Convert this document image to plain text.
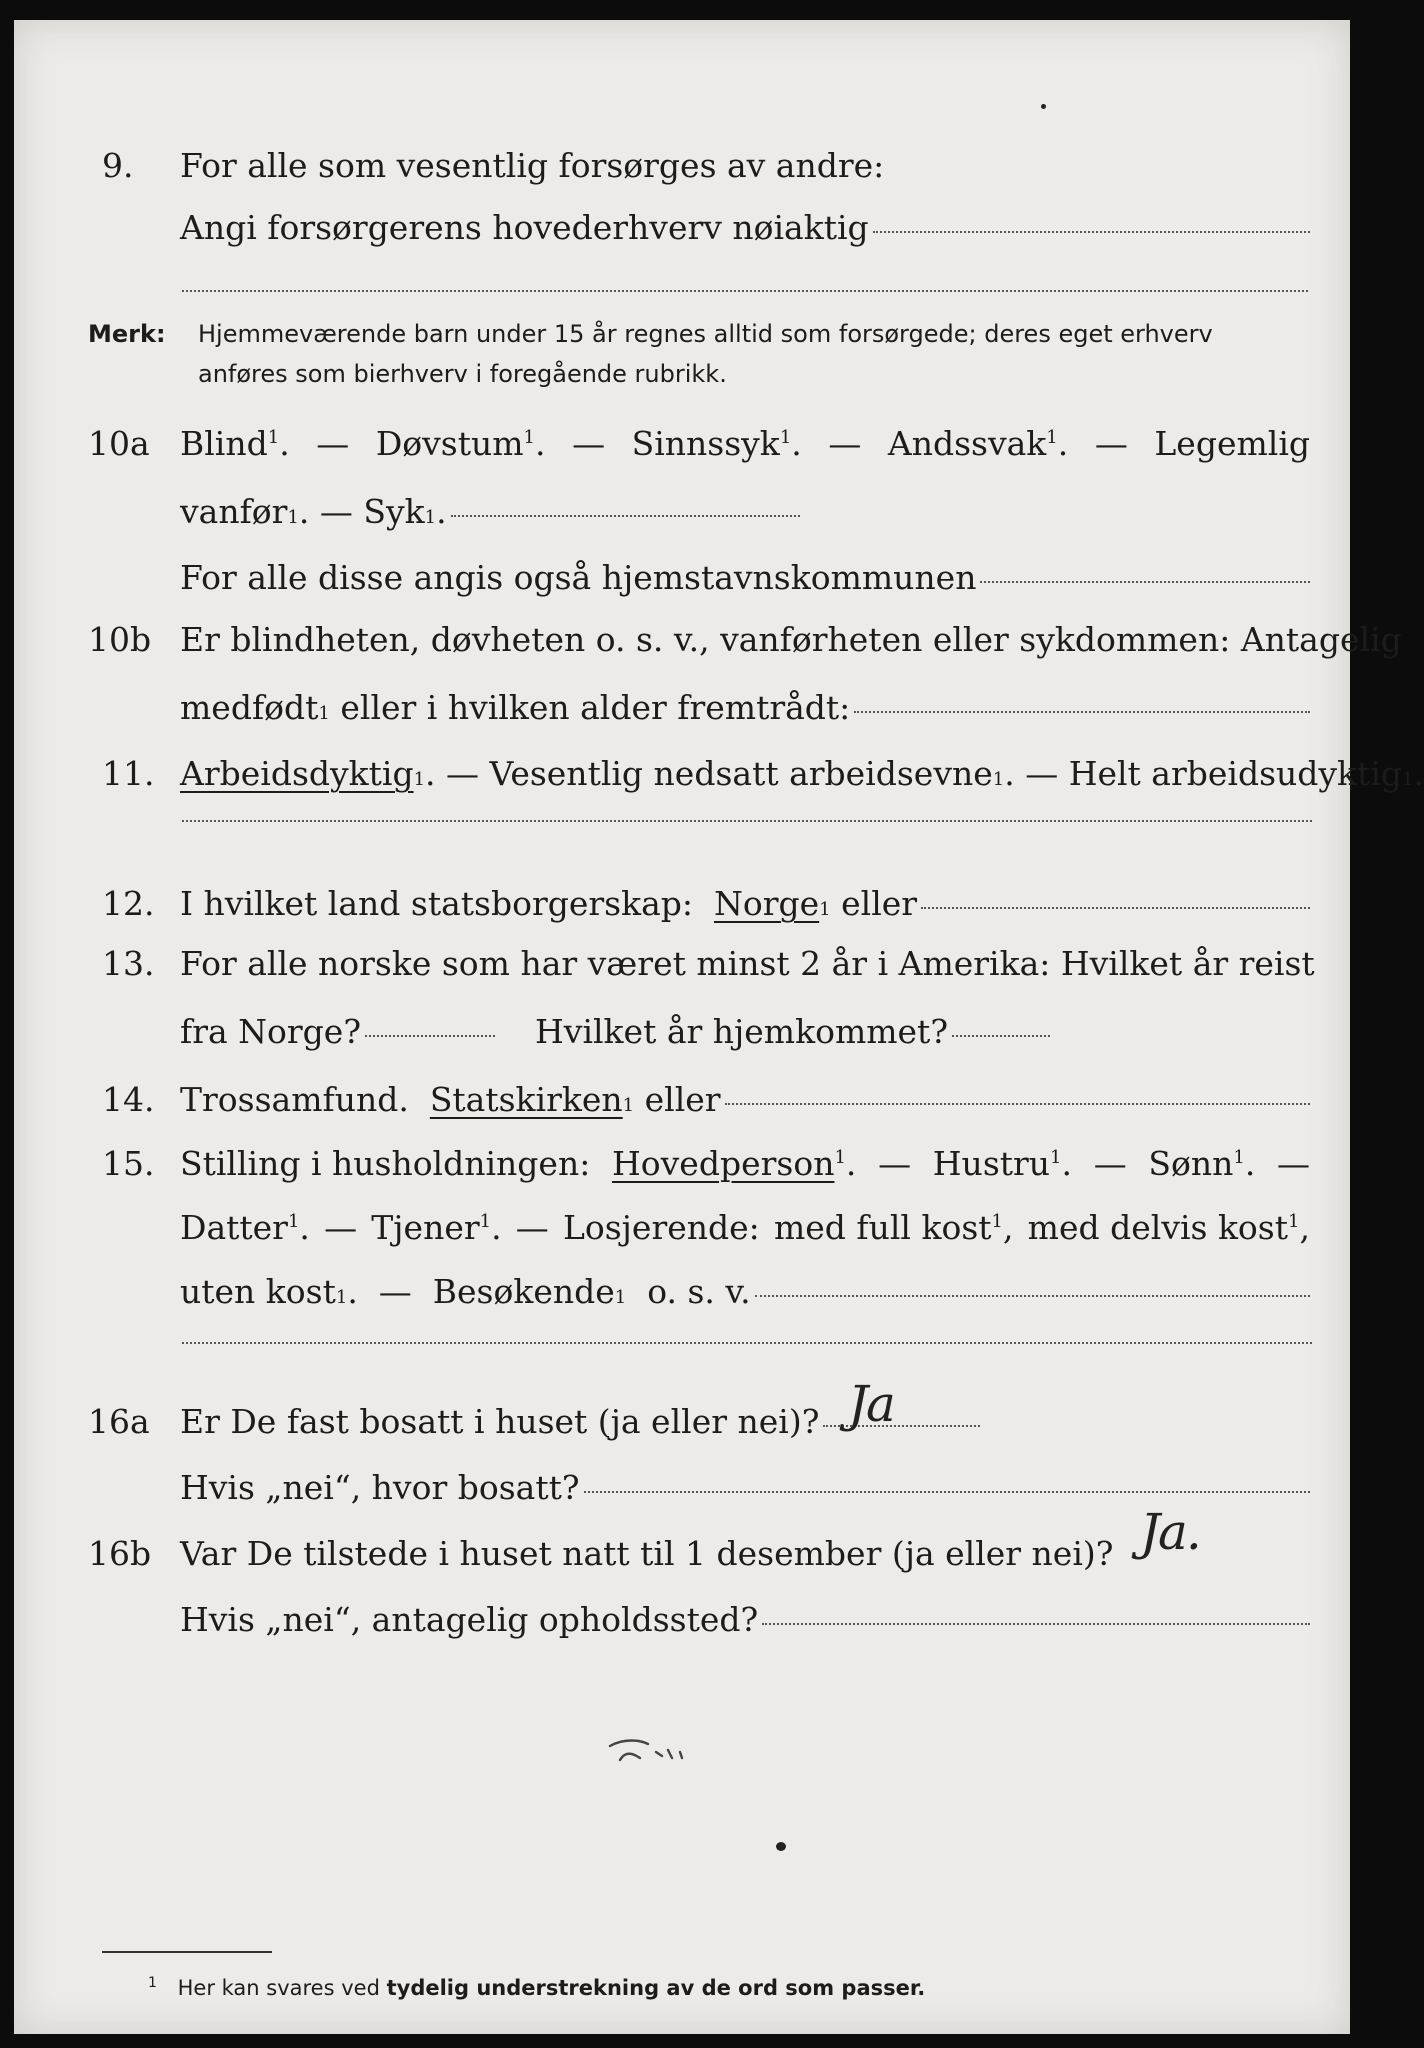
9. For alle som vesentlig forsørges av andre:
Angi forsørgerens hovederhverv nøiaktig
Merk: Hjemmeværende barn under 15 år regnes alltid som forsørgede; deres eget erhverv
anføres som bierhverv i foregående rubrikk.
10a Blind$^1$. — Døvstum$^1$. — Sinnssyk$^1$. — Andssvak$^1$. — Legemlig
vanfør 1 . —
Syk 1 .
For alle disse angis også hjemstavnskommunen
10b Er blindheten, døvheten o. s. v., vanførheten eller sykdommen: Antagelig
medfødt 1
eller i hvilken alder fremtrådt:
11. Arbeidsdyktig 1 . —
Vesentlig nedsatt arbeidsevne 1 . —
Helt arbeidsudyktig 1 .
12. I hvilket land statsborgerskap:
Norge 1
eller
13. For alle norske som har været minst 2 år i Amerika: Hvilket år reist
fra Norge?	Hvilket år hjemkommet?
14. Trossamfund.
Statskirken 1
eller
15. Stilling i husholdningen: Hovedperson$^1$. — Hustru$^1$. — Sønn$^1$. —
Datter$^1$. — Tjener$^1$. — Losjerende: med full kost$^1$, med delvis kost$^1$,
uten kost 1 . —
Besøkende 1
o. s. v.
16a Er De fast bosatt i huset (ja eller nei)? Ja
Hvis „nei“, hvor bosatt?
16b Var De tilstede i huset natt til 1 desember (ja eller nei)? Ja.
Hvis „nei“, antagelig opholdssted?
$^1$ Her kan svares ved tydelig understrekning av de ord som passer.
